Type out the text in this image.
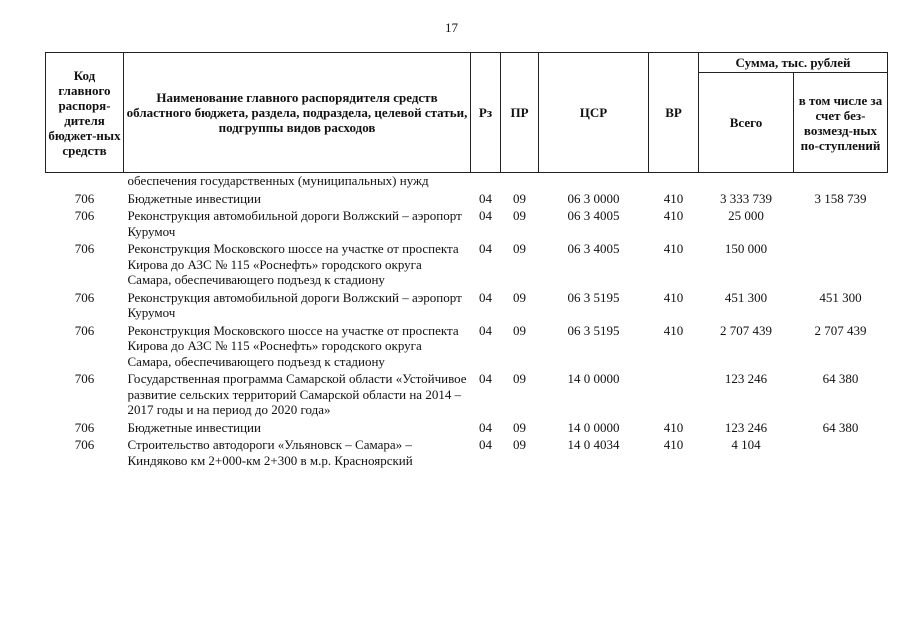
17
Код главного распоря-дителя бюджет-ных средств	Наименование главного распорядителя средств областного бюджета, раздела, подраздела, целевой статьи, подгруппы видов расходов	Рз	ПР	ЦСР	ВР	Сумма, тыс. рублей	
						Всего	в том числе за счет без-возмезд-ных по-ступлений
	обеспечения государственных (муниципальных) нужд						
706	Бюджетные инвестиции	04	09	06 3 0000	410	3 333 739	3 158 739
706	Реконструкция автомобильной дороги Волжский – аэропорт Курумоч	04	09	06 3 4005	410	25 000	
706	Реконструкция Московского шоссе на участке от проспекта Кирова до АЗС № 115 «Роснефть» городского округа Самара, обеспечивающего подъезд к стадиону	04	09	06 3 4005	410	150 000	
706	Реконструкция автомобильной дороги Волжский – аэропорт Курумоч	04	09	06 3 5195	410	451 300	451 300
706	Реконструкция Московского шоссе на участке от проспекта Кирова до АЗС № 115 «Роснефть» городского округа Самара, обеспечивающего подъезд к стадиону	04	09	06 3 5195	410	2 707 439	2 707 439
706	Государственная программа Самарской области «Устойчивое развитие сельских территорий Самарской области на 2014 – 2017 годы и на период до 2020 года»	04	09	14 0 0000		123 246	64 380
706	Бюджетные инвестиции	04	09	14 0 0000	410	123 246	64 380
706	Строительство автодороги «Ульяновск – Самара» – Киндяково км 2+000-км 2+300 в м.р. Красноярский	04	09	14 0 4034	410	4 104	
